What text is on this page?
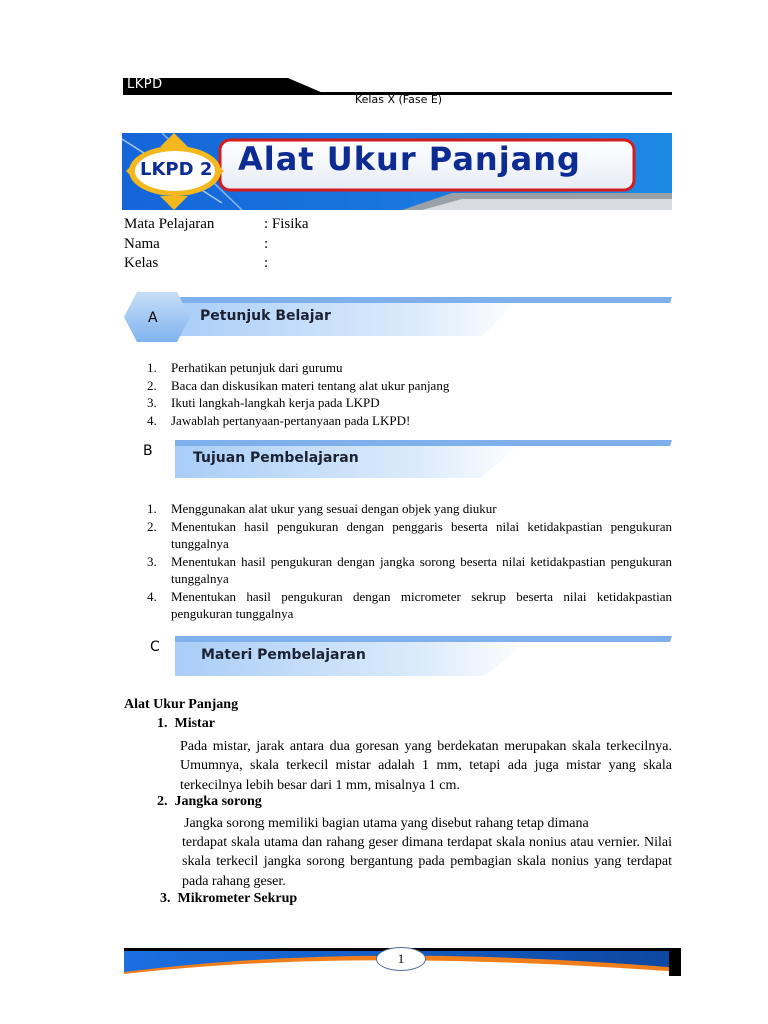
LKPD
Kelas X (Fase E)
LKPD 2 Alat Ukur Panjang
Mata Pelajaran	: Fisika
Nama	:
Kelas	:
A	Petunjuk Belajar
1.	Perhatikan petunjuk dari gurumu
2.	Baca dan diskusikan materi tentang alat ukur panjang
3.	Ikuti langkah-langkah kerja pada LKPD
4.	Jawablah pertanyaan-pertanyaan pada LKPD!
B	Tujuan Pembelajaran
1.	Menggunakan alat ukur yang sesuai dengan objek yang diukur
2.	Menentukan hasil pengukuran dengan penggaris beserta nilai ketidakpastian pengukuran tunggalnya
3.	Menentukan hasil pengukuran dengan jangka sorong beserta nilai ketidakpastian pengukuran tunggalnya
4.	Menentukan hasil pengukuran dengan micrometer sekrup beserta nilai ketidakpastian pengukuran tunggalnya
C	Materi Pembelajaran
Alat Ukur Panjang
1. Mistar
Pada mistar, jarak antara dua goresan yang berdekatan merupakan skala terkecilnya. Umumnya, skala terkecil mistar adalah 1 mm, tetapi ada juga mistar yang skala terkecilnya lebih besar dari 1 mm, misalnya 1 cm.
2. Jangka sorong
Jangka sorong memiliki bagian utama yang disebut rahang tetap dimana
terdapat skala utama dan rahang geser dimana terdapat skala nonius atau vernier. Nilai skala terkecil jangka sorong bergantung pada pembagian skala nonius yang terdapat pada rahang geser.
3. Mikrometer Sekrup
1
